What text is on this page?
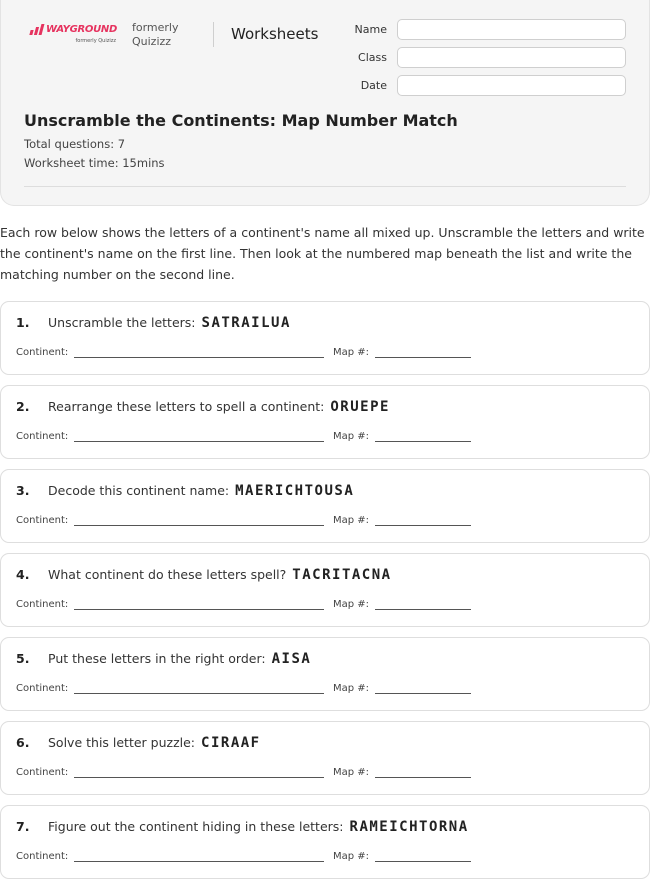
WAYGROUND
formerly Quizizz
formerly
Quizizz	Worksheets	Name
Class
Date
Unscramble the Continents: Map Number Match
Total questions: 7
Worksheet time: 15mins
Each row below shows the letters of a continent's name all mixed up. Unscramble the letters and write the continent's name on the first line. Then look at the numbered map beneath the list and write the matching number on the second line.
1.	Unscramble the letters: SATRAILUA
Continent:	Map #:
2.	Rearrange these letters to spell a continent: ORUEPE
Continent:	Map #:
3.	Decode this continent name: MAERICHTOUSA
Continent:	Map #:
4.	What continent do these letters spell? TACRITACNA
Continent:	Map #:
5.	Put these letters in the right order: AISA
Continent:	Map #:
6.	Solve this letter puzzle: CIRAAF
Continent:	Map #:
7.	Figure out the continent hiding in these letters: RAMEICHTORNA
Continent:	Map #:
